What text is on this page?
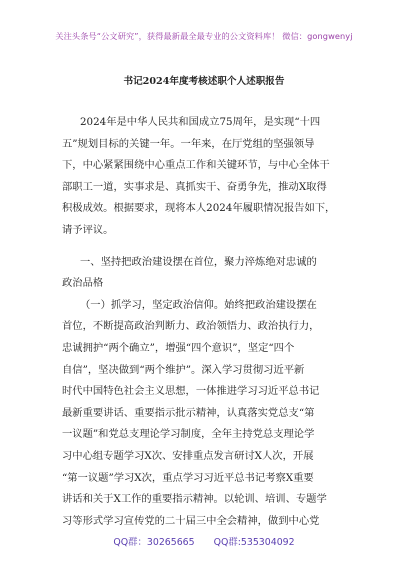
关注头条号“公文研究”，获得最新最全最专业的公文资料库！ 微信：gongwenyj
书记2024年度考核述职个人述职报告
2024年是中华人民共和国成立75周年，是实现“十四
五”规划目标的关键一年。一年来，在厅党组的坚强领导
下，中心紧紧围绕中心重点工作和关键环节，与中心全体干
部职工一道，实事求是、真抓实干、奋勇争先，推动X取得
积极成效。根据要求，现将本人2024年履职情况报告如下，
请予评议。
一、坚持把政治建设摆在首位，聚力淬炼绝对忠诚的
政治品格
（一）抓学习，坚定政治信仰。始终把政治建设摆在
首位，不断提高政治判断力、政治领悟力、政治执行力，
忠诚拥护“两个确立”，增强“四个意识”，坚定“四个
自信”，坚决做到“两个维护”。深入学习贯彻习近平新
时代中国特色社会主义思想，一体推进学习习近平总书记
最新重要讲话、重要指示批示精神，认真落实党总支“第
一议题”和党总支理论学习制度，全年主持党总支理论学
习中心组专题学习X次、安排重点发言研讨X人次，开展
“第一议题”学习X次，重点学习习近平总书记考察X重要
讲话和关于X工作的重要指示精神。以轮训、培训、专题学
习等形式学习宣传党的二十届三中全会精神，做到中心党
QQ群：30265665 QQ群:535304092
